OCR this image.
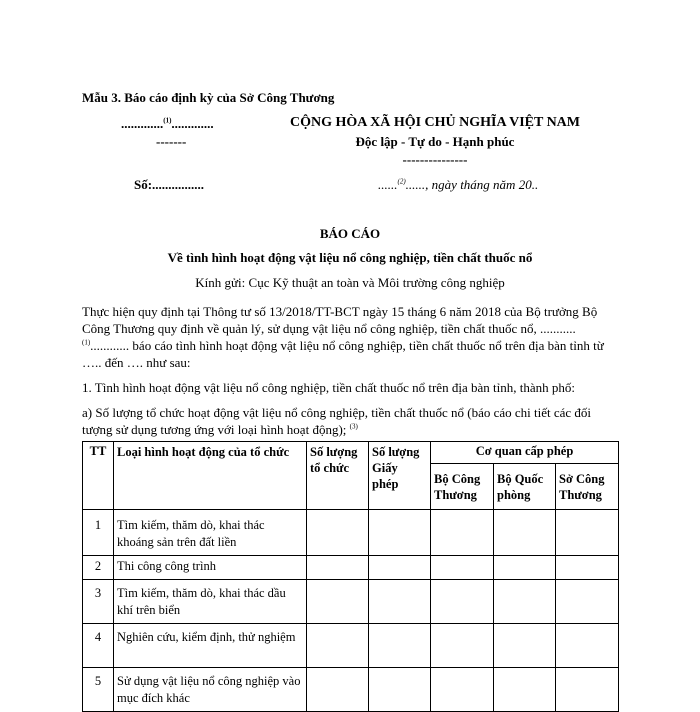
Mẫu 3. Báo cáo định kỳ của Sở Công Thương
.............$^{(1)}$.............
-------
CỘNG HÒA XÃ HỘI CHỦ NGHĨA VIỆT NAM
Độc lập - Tự do - Hạnh phúc
---------------
Số:................	......$^{(2)}$......, ngày tháng năm 20..
BÁO CÁO
Về tình hình hoạt động vật liệu nổ công nghiệp, tiền chất thuốc nổ
Kính gửi: Cục Kỹ thuật an toàn và Môi trường công nghiệp
Thực hiện quy định tại Thông tư số 13/2018/TT-BCT ngày 15 tháng 6 năm 2018 của Bộ trưởng Bộ Công Thương quy định về quản lý, sử dụng vật liệu nổ công nghiệp, tiền chất thuốc nổ, ...........$^{(1)}$............ báo cáo tình hình hoạt động vật liệu nổ công nghiệp, tiền chất thuốc nổ trên địa bàn tỉnh từ ….. đến …. như sau:
1. Tình hình hoạt động vật liệu nổ công nghiệp, tiền chất thuốc nổ trên địa bàn tỉnh, thành phố:
a) Số lượng tổ chức hoạt động vật liệu nổ công nghiệp, tiền chất thuốc nổ (báo cáo chi tiết các đối tượng sử dụng tương ứng với loại hình hoạt động); $^{(3)}$
TT	Loại hình hoạt động của tổ chức	Số lượng tổ chức	Số lượng Giấy phép	Cơ quan cấp phép		
				Bộ Công Thương	Bộ Quốc phòng	Sở Công Thương
1	Tìm kiếm, thăm dò, khai thác khoáng sản trên đất liền					
2	Thi công công trình					
3	Tìm kiếm, thăm dò, khai thác dầu khí trên biển					
4	Nghiên cứu, kiểm định, thử nghiệm					
5	Sử dụng vật liệu nổ công nghiệp vào mục đích khác					
